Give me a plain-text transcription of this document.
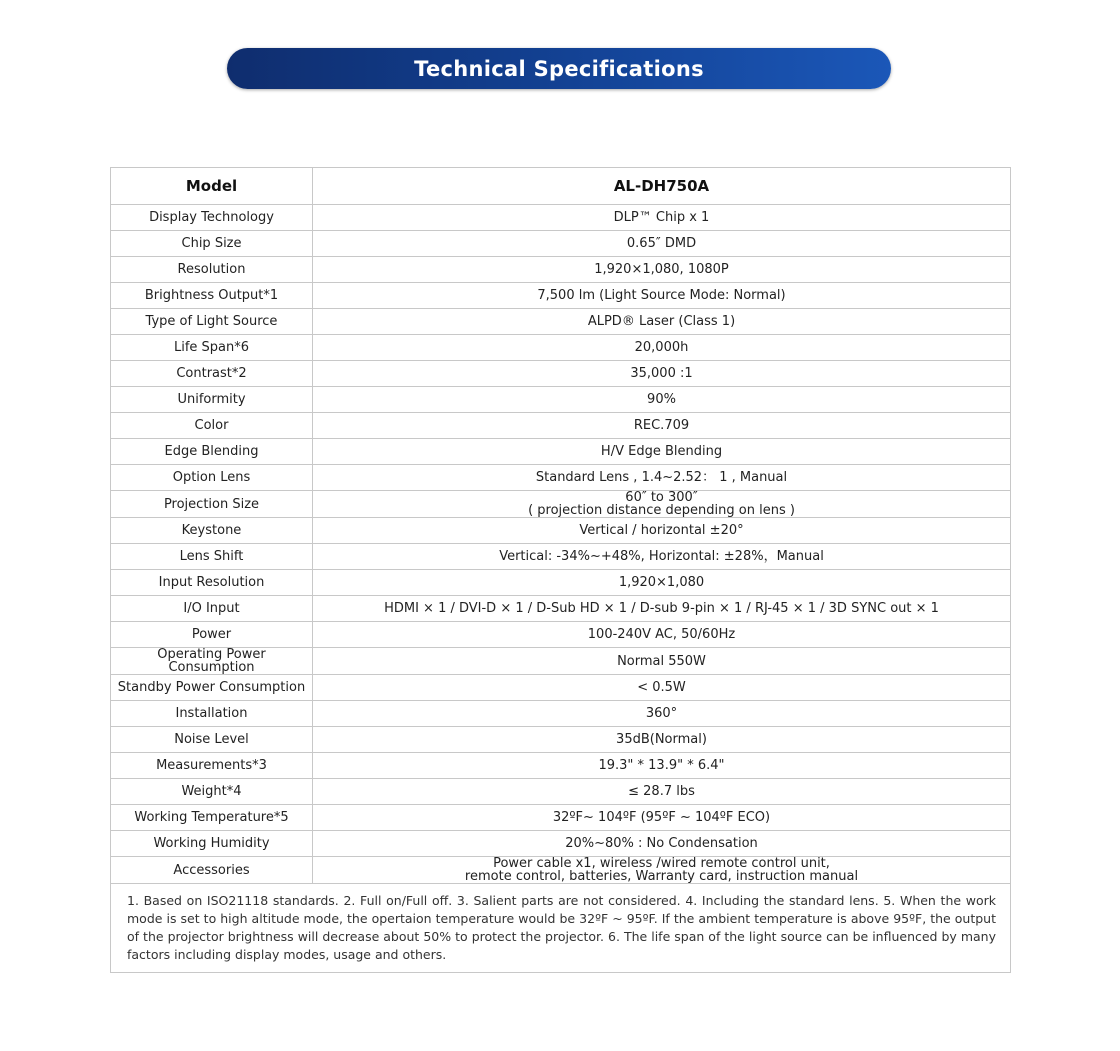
Technical Specifications
Model	AL-DH750A
Display Technology	DLP™ Chip x 1
Chip Size	0.65″ DMD
Resolution	1,920×1,080, 1080P
Brightness Output*1	7,500 lm (Light Source Mode: Normal)
Type of Light Source	ALPD® Laser (Class 1)
Life Span*6	20,000h
Contrast*2	35,000 :1
Uniformity	90%
Color	REC.709
Edge Blending	H/V Edge Blending
Option Lens	Standard Lens , 1.4~2.52： 1 , Manual
Projection Size	60″ to 300″
( projection distance depending on lens )

Keystone	Vertical / horizontal ±20°
Lens Shift	Vertical: -34%~+48%, Horizontal: ±28%，Manual
Input Resolution	1,920×1,080
I/O Input	HDMI × 1 / DVI-D × 1 / D-Sub HD × 1 / D-sub 9-pin × 1 / RJ-45 × 1 / 3D SYNC out × 1
Power	100-240V AC, 50/60Hz
Operating Power Consumption	Normal 550W
Standby Power Consumption	< 0.5W
Installation	360°
Noise Level	35dB(Normal)
Measurements*3	19.3" * 13.9" * 6.4"
Weight*4	≤ 28.7 lbs
Working Temperature*5	32ºF~ 104ºF (95ºF ~ 104ºF ECO)
Working Humidity	20%~80% : No Condensation
Accessories	Power cable x1, wireless /wired remote control unit,
remote control, batteries, Warranty card, instruction manual

1. Based on ISO21118 standards. 2. Full on/Full off. 3. Salient parts are not considered. 4. Including the standard lens. 5. When the work mode is set to high altitude mode, the opertaion temperature would be 32ºF ~ 95ºF. If the ambient temperature is above 95ºF, the output of the projector brightness will decrease about 50% to protect the projector. 6. The life span of the light source can be influenced by many factors including display modes, usage and others.	
